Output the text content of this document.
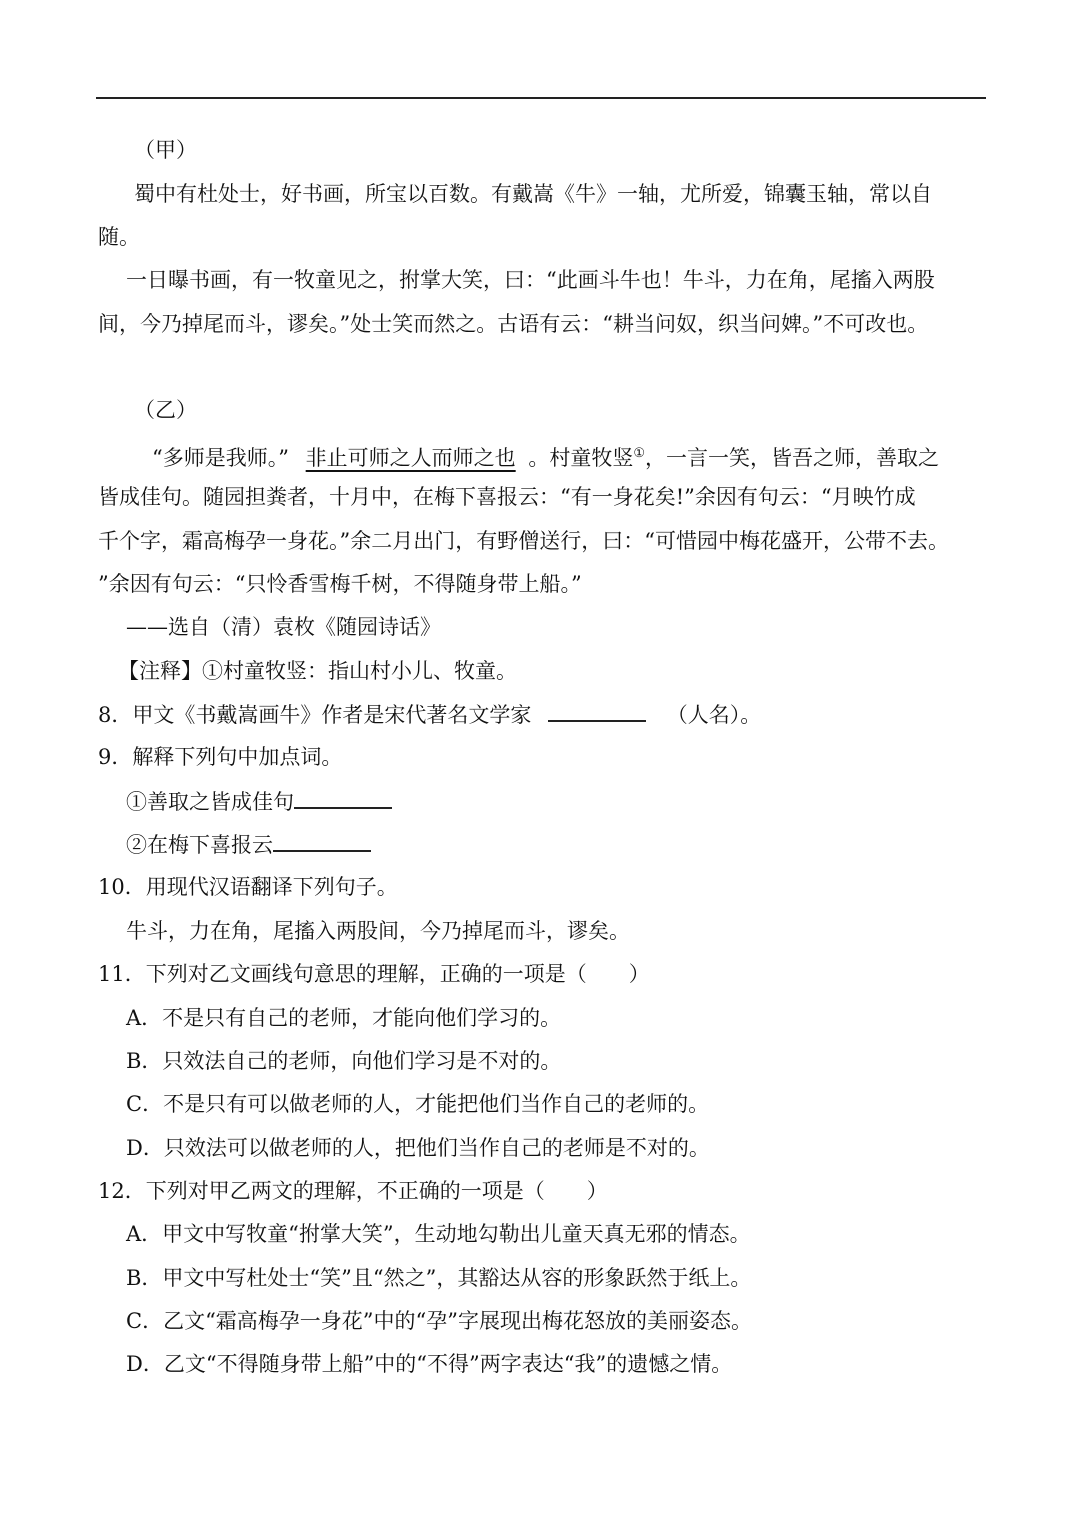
（甲）
蜀中有杜处士，好书画，所宝以百数。有戴嵩《牛》一轴，尤所爱，锦囊玉轴，常以自
随。
一日曝书画，有一牧童见之，拊掌大笑，曰：“此画斗牛也！牛斗，力在角，尾搐入两股
间，今乃掉尾而斗，谬矣。”处士笑而然之。古语有云：“耕当问奴，织当问婢。”不可改也。
（乙）
“多师是我师。” 非止可师之人而师之也 。村童牧竖①，一言一笑，皆吾之师，善取之
皆成佳句。随园担粪者，十月中，在梅下喜报云：“有一身花矣!”余因有句云：“月映竹成
千个字，霜高梅孕一身花。”余二月出门，有野僧送行，曰：“可惜园中梅花盛开，公带不去。
”余因有句云：“只怜香雪梅千树，不得随身带上船。”
——选自（清）袁枚《随园诗话》
【注释】①村童牧竖：指山村小儿、牧童。
8．甲文《书戴嵩画牛》作者是宋代著名文学家	（人名）。
9．解释下列句中加点词。
①善取之皆成佳句
②在梅下喜报云
10．用现代汉语翻译下列句子。
牛斗，力在角，尾搐入两股间，今乃掉尾而斗，谬矣。
11．下列对乙文画线句意思的理解，正确的一项是（　　）
A．不是只有自己的老师，才能向他们学习的。
B．只效法自己的老师，向他们学习是不对的。
C．不是只有可以做老师的人，才能把他们当作自己的老师的。
D．只效法可以做老师的人，把他们当作自己的老师是不对的。
12．下列对甲乙两文的理解，不正确的一项是（　　）
A．甲文中写牧童“拊掌大笑”，生动地勾勒出儿童天真无邪的情态。
B．甲文中写杜处士“笑”且“然之”，其豁达从容的形象跃然于纸上。
C．乙文“霜高梅孕一身花”中的“孕”字展现出梅花怒放的美丽姿态。
D．乙文“不得随身带上船”中的“不得”两字表达“我”的遗憾之情。
